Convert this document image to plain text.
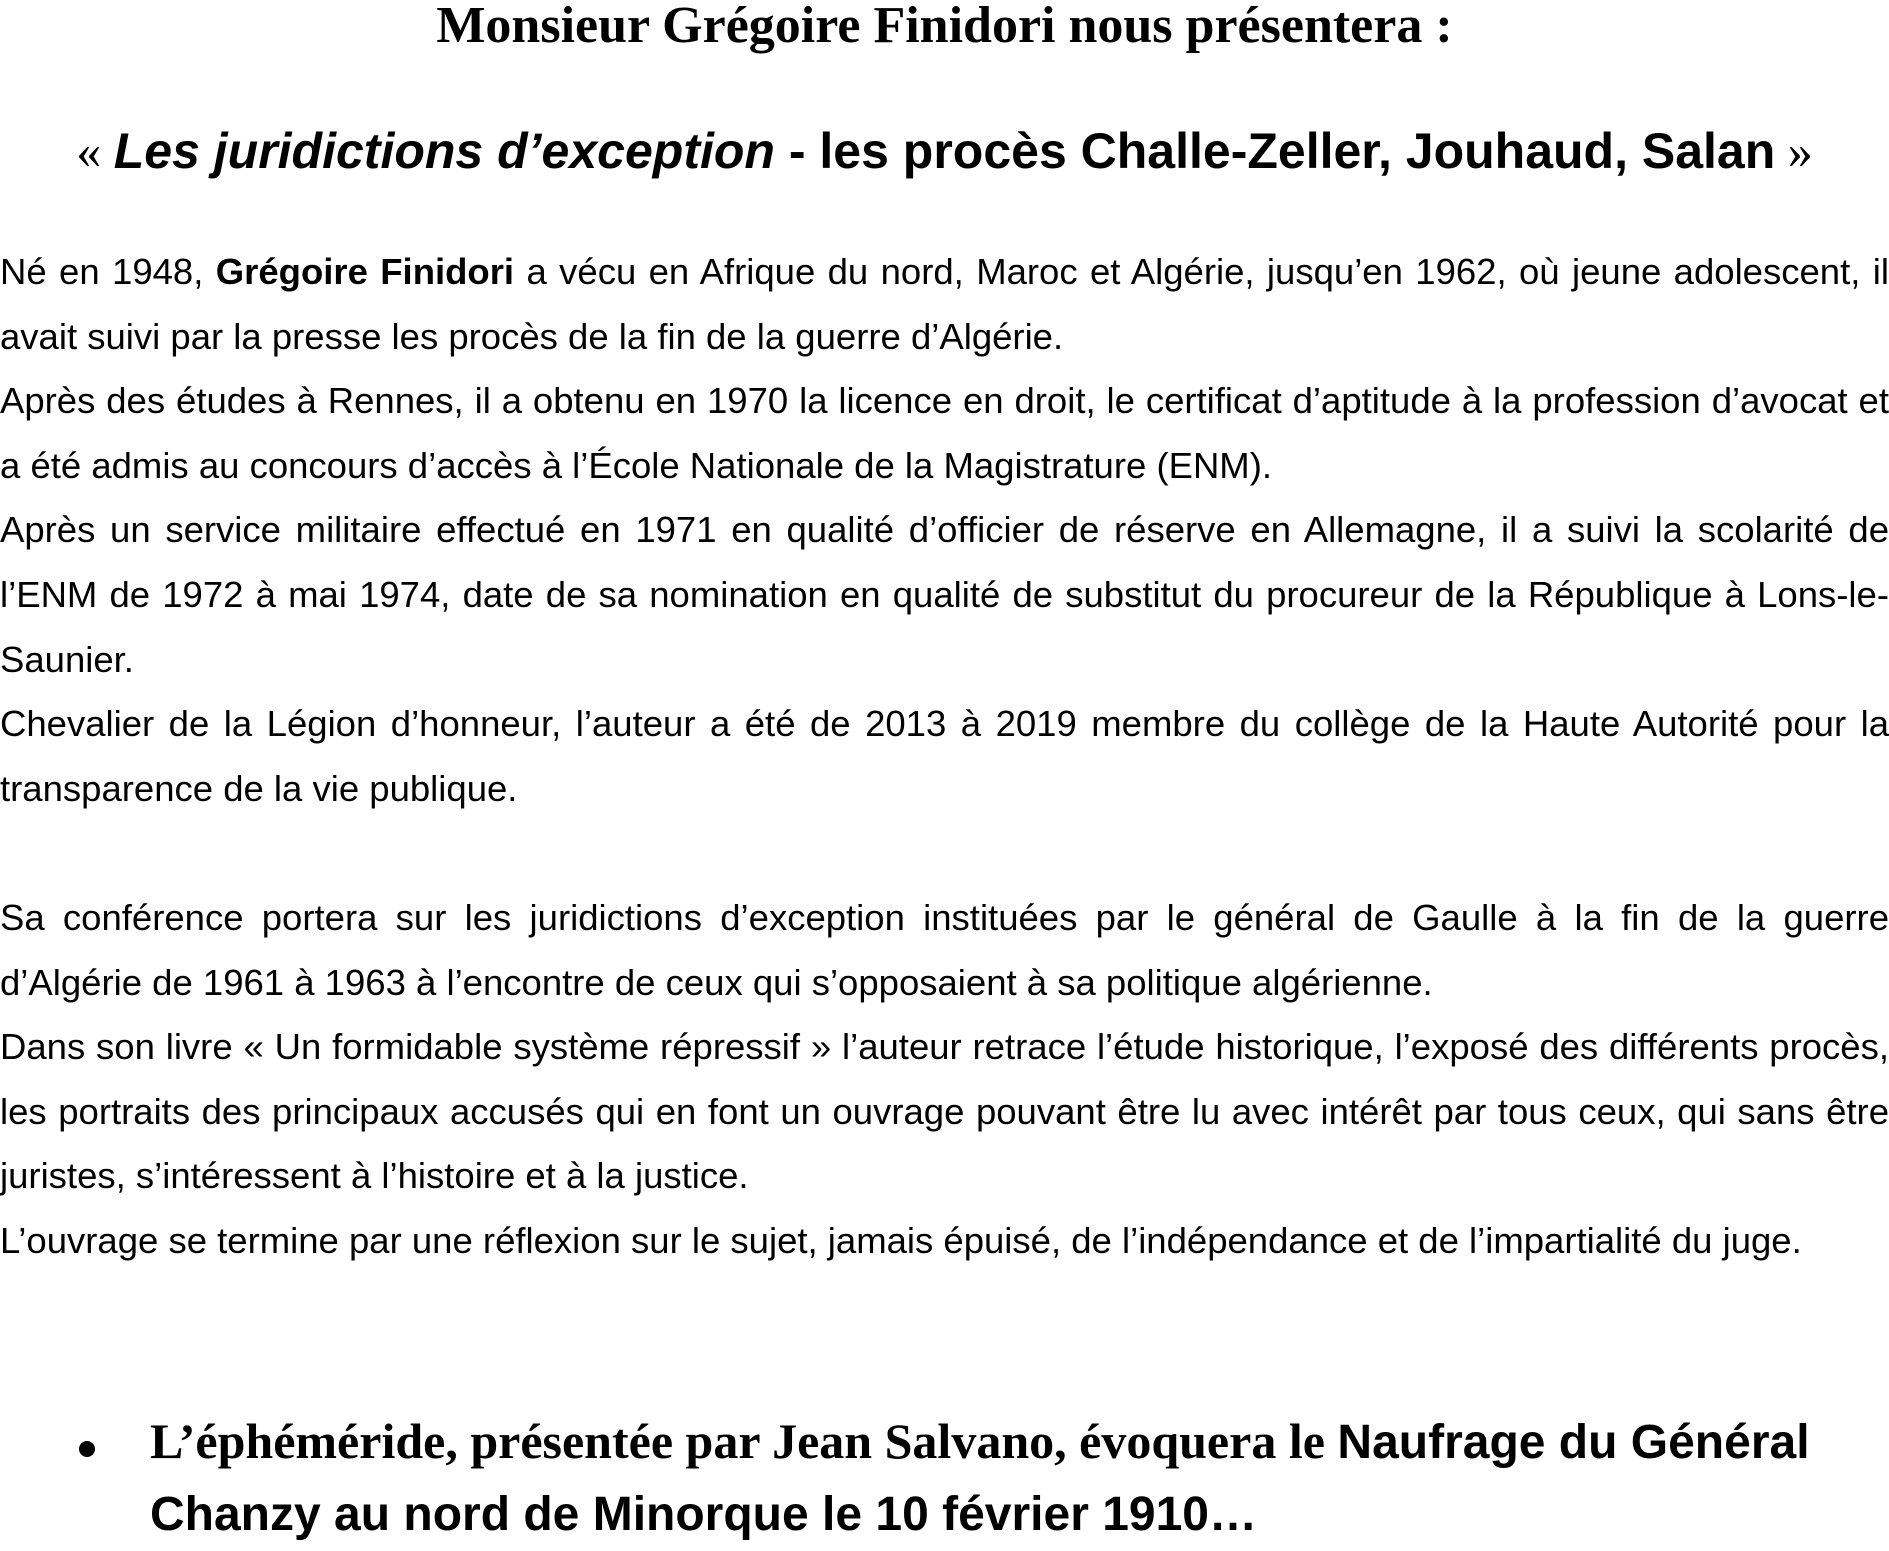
Monsieur Grégoire Finidori nous présentera :
« Les juridictions d’exception - les procès Challe-Zeller, Jouhaud, Salan »

Né en 1948, Grégoire Finidori a vécu en Afrique du nord, Maroc et Algérie, jusqu’en 1962, où jeune adolescent, il avait suivi par la presse les procès de la fin de la guerre d’Algérie.

Après des études à Rennes, il a obtenu en 1970 la licence en droit, le certificat d’aptitude à la profession d’avocat et a été admis au concours d’accès à l’École Nationale de la Magistrature (ENM).

Après un service militaire effectué en 1971 en qualité d’officier de réserve en Allemagne, il a suivi la scolarité de l’ENM de 1972 à mai 1974, date de sa nomination en qualité de substitut du procureur de la République à Lons-le-Saunier.

Chevalier de la Légion d’honneur, l’auteur a été de 2013 à 2019 membre du collège de la Haute Autorité pour la transparence de la vie publique.

Sa conférence portera sur les juridictions d’exception instituées par le général de Gaulle à la fin de la guerre d’Algérie de 1961 à 1963 à l’encontre de ceux qui s’opposaient à sa politique algérienne.

Dans son livre « Un formidable système répressif » l’auteur retrace l’étude historique, l’exposé des différents procès, les portraits des principaux accusés qui en font un ouvrage pouvant être lu avec intérêt par tous ceux, qui sans être juristes, s’intéressent à l’histoire et à la justice.

L’ouvrage se termine par une réflexion sur le sujet, jamais épuisé, de l’indépendance et de l’impartialité du juge.

L’éphéméride, présentée par Jean Salvano, évoquera le Naufrage du Général Chanzy au nord de Minorque le 10 février 1910…
